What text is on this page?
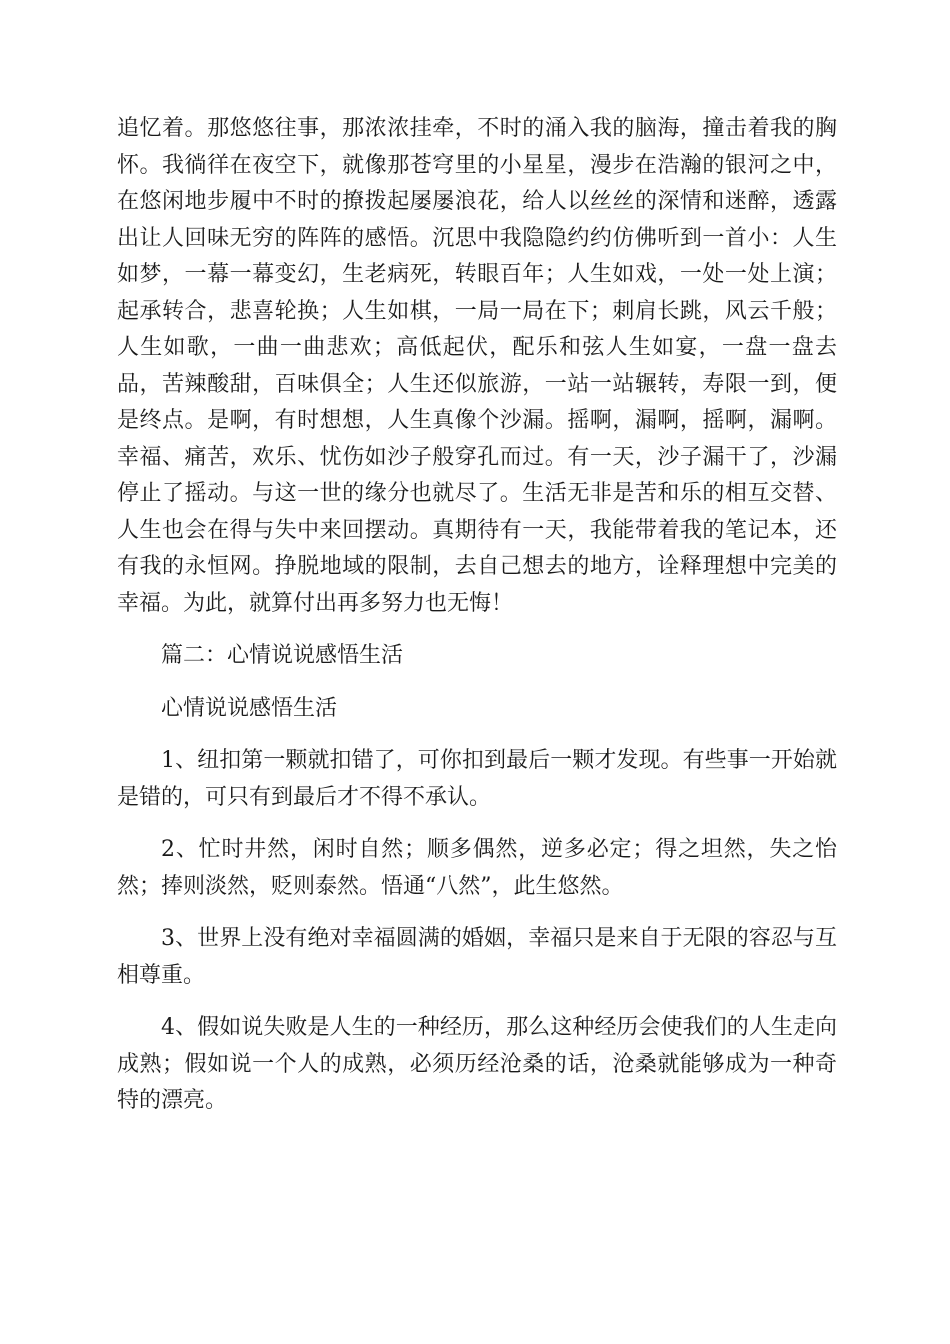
追忆着。那悠悠往事，那浓浓挂牵，不时的涌入我的脑海，撞击着我的胸怀。我徜徉在夜空下，就像那苍穹里的小星星，漫步在浩瀚的银河之中，在悠闲地步履中不时的撩拨起屡屡浪花，给人以丝丝的深情和迷醉，透露出让人回味无穷的阵阵的感悟。沉思中我隐隐约约仿佛听到一首小：人生如梦，一幕一幕变幻，生老病死，转眼百年；人生如戏，一处一处上演；起承转合，悲喜轮换；人生如棋，一局一局在下；刺肩长跳，风云千般；人生如歌，一曲一曲悲欢；高低起伏，配乐和弦人生如宴，一盘一盘去品，苦辣酸甜，百味俱全；人生还似旅游，一站一站辗转，寿限一到，便是终点。是啊，有时想想，人生真像个沙漏。摇啊，漏啊，摇啊，漏啊。幸福、痛苦，欢乐、忧伤如沙子般穿孔而过。有一天，沙子漏干了，沙漏停止了摇动。与这一世的缘分也就尽了。生活无非是苦和乐的相互交替、人生也会在得与失中来回摆动。真期待有一天，我能带着我的笔记本，还有我的永恒网。挣脱地域的限制，去自己想去的地方，诠释理想中完美的幸福。为此，就算付出再多努力也无悔！

篇二：心情说说感悟生活

心情说说感悟生活

1、纽扣第一颗就扣错了，可你扣到最后一颗才发现。有些事一开始就是错的，可只有到最后才不得不承认。

2、忙时井然，闲时自然；顺多偶然，逆多必定；得之坦然，失之怡然；捧则淡然，贬则泰然。悟通“八然”，此生悠然。

3、世界上没有绝对幸福圆满的婚姻，幸福只是来自于无限的容忍与互相尊重。

4、假如说失败是人生的一种经历，那么这种经历会使我们的人生走向成熟；假如说一个人的成熟，必须历经沧桑的话，沧桑就能够成为一种奇特的漂亮。
